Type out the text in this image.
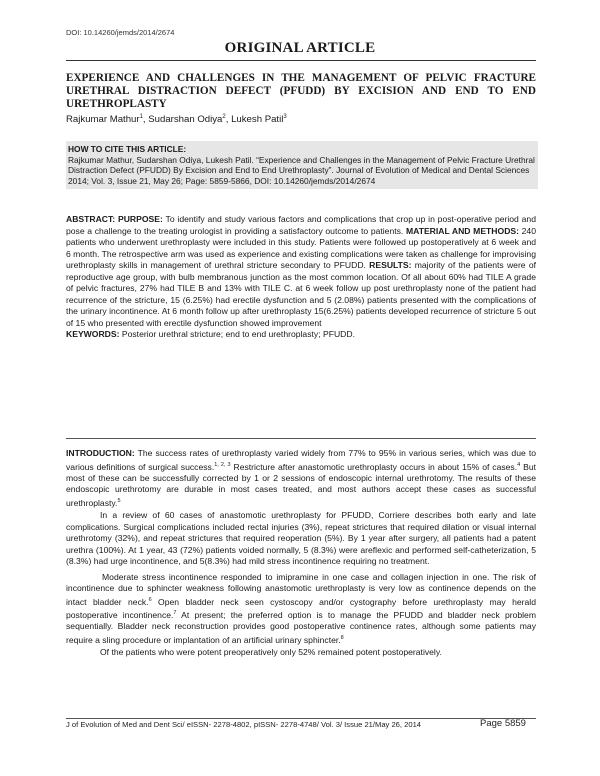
DOI: 10.14260/jemds/2014/2674
ORIGINAL ARTICLE
EXPERIENCE AND CHALLENGES IN THE MANAGEMENT OF PELVIC FRACTURE URETHRAL DISTRACTION DEFECT (PFUDD) BY EXCISION AND END TO END URETHROPLASTY
Rajkumar Mathur$^1$, Sudarshan Odiya$^2$, Lukesh Patil$^3$
HOW TO CITE THIS ARTICLE:
Rajkumar Mathur, Sudarshan Odiya, Lukesh Patil. “Experience and Challenges in the Management of Pelvic Fracture Urethral Distraction Defect (PFUDD) By Excision and End to End Urethroplasty”. Journal of Evolution of Medical and Dental Sciences 2014; Vol. 3, Issue 21, May 26; Page: 5859-5866, DOI: 10.14260/jemds/2014/2674
ABSTRACT: PURPOSE: To identify and study various factors and complications that crop up in post-operative period and pose a challenge to the treating urologist in providing a satisfactory outcome to patients. MATERIAL AND METHODS: 240 patients who underwent urethroplasty were included in this study. Patients were followed up postoperatively at 6 week and 6 month. The retrospective arm was used as experience and existing complications were taken as challenge for improvising urethroplasty skills in management of urethral stricture secondary to PFUDD. RESULTS: majority of the patients were of reproductive age group, with bulb membranous junction as the most common location. Of all about 60% had TILE A grade of pelvic fractures, 27% had TILE B and 13% with TILE C. at 6 week follow up post urethroplasty none of the patient had recurrence of the stricture, 15 (6.25%) had erectile dysfunction and 5 (2.08%) patients presented with the complications of the urinary incontinence. At 6 month follow up after urethroplasty 15(6.25%) patients developed recurrence of stricture 5 out of 15 who presented with erectile dysfunction showed improvement
KEYWORDS: Posterior urethral stricture; end to end urethroplasty; PFUDD.

INTRODUCTION: The success rates of urethroplasty varied widely from 77% to 95% in various series, which was due to various definitions of surgical success.$^{1, 2, 3}$ Restricture after anastomotic urethroplasty occurs in about 15% of cases.$^4$ But most of these can be successfully corrected by 1 or 2 sessions of endoscopic internal urethrotomy. The results of these endoscopic urethrotomy are durable in most cases treated, and most authors accept these cases as successful urethroplasty.$^5$

In a review of 60 cases of anastomotic urethroplasty for PFUDD, Corriere describes both early and late complications. Surgical complications included rectal injuries (3%), repeat strictures that required dilation or visual internal urethrotomy (32%), and repeat strictures that required reoperation (5%). By 1 year after surgery, all patients had a patent urethra (100%). At 1 year, 43 (72%) patients voided normally, 5 (8.3%) were areflexic and performed self-catheterization, 5 (8.3%) had urge incontinence, and 5(8.3%) had mild stress incontinence requiring no treatment.

Moderate stress incontinence responded to imipramine in one case and collagen injection in one. The risk of incontinence due to sphincter weakness following anastomotic urethroplasty is very low as continence depends on the intact bladder neck.$^6$ Open bladder neck seen cystoscopy and/or cystography before urethroplasty may herald postoperative incontinence.$^7$ At present; the preferred option is to manage the PFUDD and bladder neck problem sequentially. Bladder neck reconstruction provides good postoperative continence rates, although some patients may require a sling procedure or implantation of an artificial urinary sphincter.$^8$

Of the patients who were potent preoperatively only 52% remained potent postoperatively.

J of Evolution of Med and Dent Sci/ eISSN- 2278-4802, pISSN- 2278-4748/ Vol. 3/ Issue 21/May 26, 2014	Page 5859
